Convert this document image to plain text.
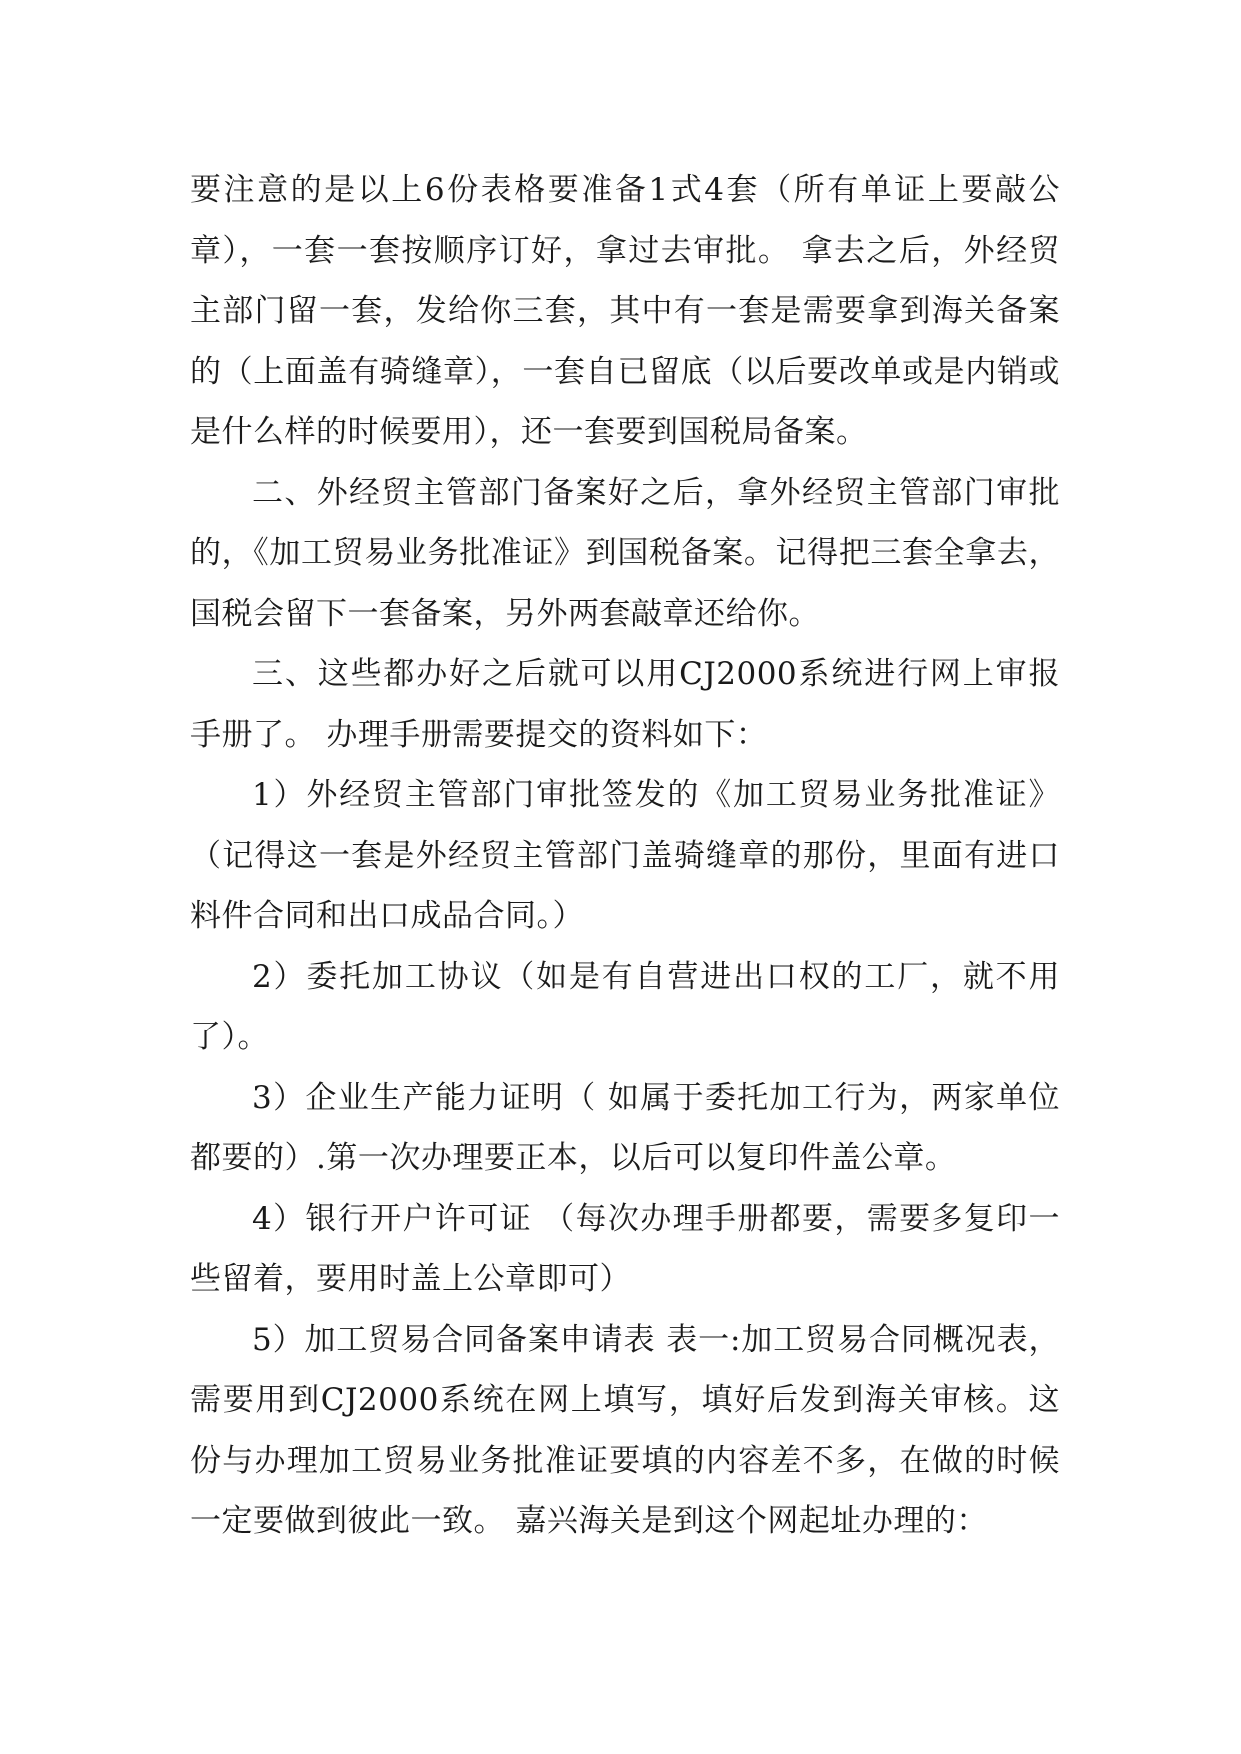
要注意的是以上6份表格要准备1式4套（所有单证上要敲公章），一套一套按顺序订好，拿过去审批。 拿去之后，外经贸主部门留一套，发给你三套，其中有一套是需要拿到海关备案的（上面盖有骑缝章），一套自已留底（以后要改单或是内销或是什么样的时候要用），还一套要到国税局备案。

二、外经贸主管部门备案好之后，拿外经贸主管部门审批的，《加工贸易业务批准证》到国税备案。记得把三套全拿去，国税会留下一套备案，另外两套敲章还给你。

三、这些都办好之后就可以用CJ2000系统进行网上审报手册了。 办理手册需要提交的资料如下：

1）外经贸主管部门审批签发的《加工贸易业务批准证》（记得这一套是外经贸主管部门盖骑缝章的那份，里面有进口料件合同和出口成品合同。）

2）委托加工协议（如是有自营进出口权的工厂，就不用了）。

3）企业生产能力证明（ 如属于委托加工行为，两家单位都要的）.第一次办理要正本，以后可以复印件盖公章。

4）银行开户许可证 （每次办理手册都要，需要多复印一些留着，要用时盖上公章即可）

5）加工贸易合同备案申请表 表一:加工贸易合同概况表，需要用到CJ2000系统在网上填写，填好后发到海关审核。这份与办理加工贸易业务批准证要填的内容差不多，在做的时候一定要做到彼此一致。 嘉兴海关是到这个网起址办理的：
